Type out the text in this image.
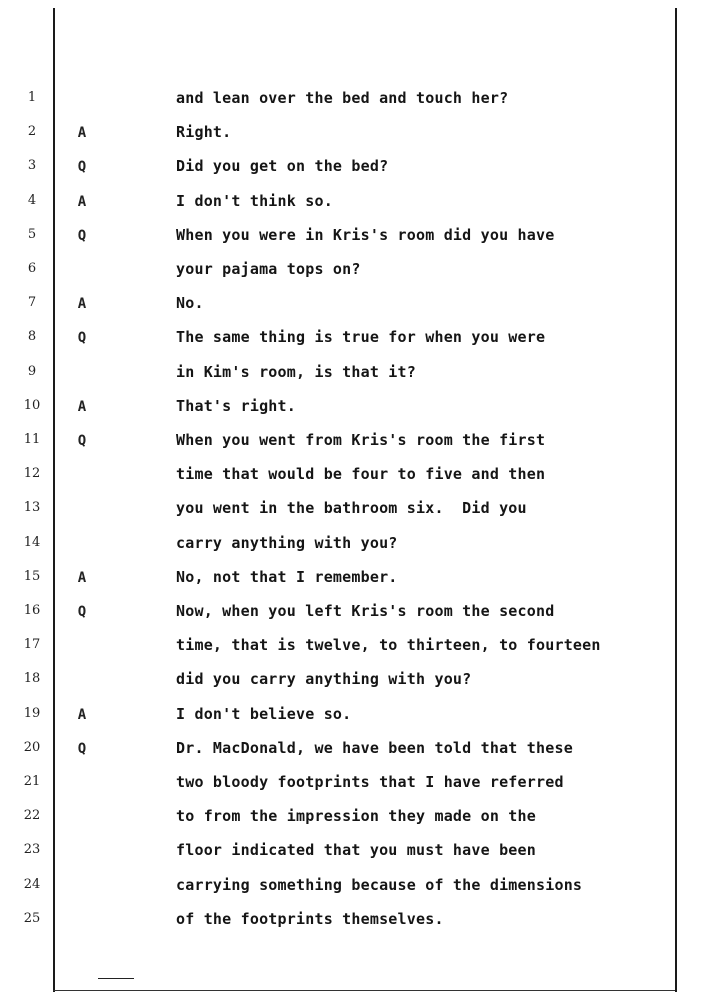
1	and lean over the bed and touch her?
2	A	Right.
3	Q	Did you get on the bed?
4	A	I don't think so.
5	Q	When you were in Kris's room did you have
6	your pajama tops on?
7	A	No.
8	Q	The same thing is true for when you were
9	in Kim's room, is that it?
10	A	That's right.
11	Q	When you went from Kris's room the first
12	time that would be four to five and then
13	you went in the bathroom six.  Did you
14	carry anything with you?
15	A	No, not that I remember.
16	Q	Now, when you left Kris's room the second
17	time, that is twelve, to thirteen, to fourteen
18	did you carry anything with you?
19	A	I don't believe so.
20	Q	Dr. MacDonald, we have been told that these
21	two bloody footprints that I have referred
22	to from the impression they made on the
23	floor indicated that you must have been
24	carrying something because of the dimensions
25	of the footprints themselves.
